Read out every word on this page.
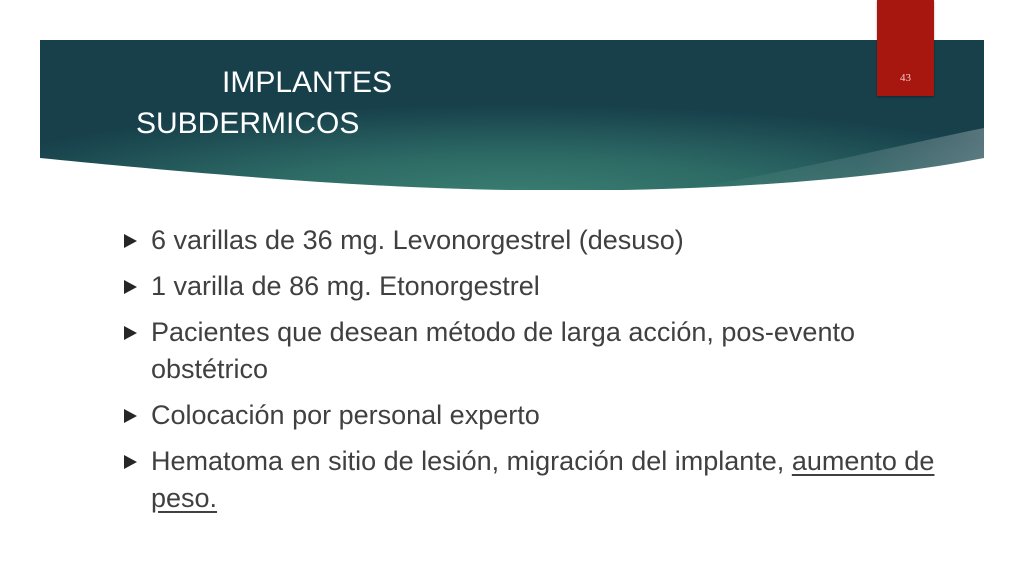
IMPLANTES
SUBDERMICOS
43
6 varillas de 36 mg. Levonorgestrel (desuso)
1 varilla de 86 mg. Etonorgestrel
Pacientes que desean método de larga acción, pos-evento obstétrico
Colocación por personal experto
Hematoma en sitio de lesión, migración del implante, aumento de peso.
